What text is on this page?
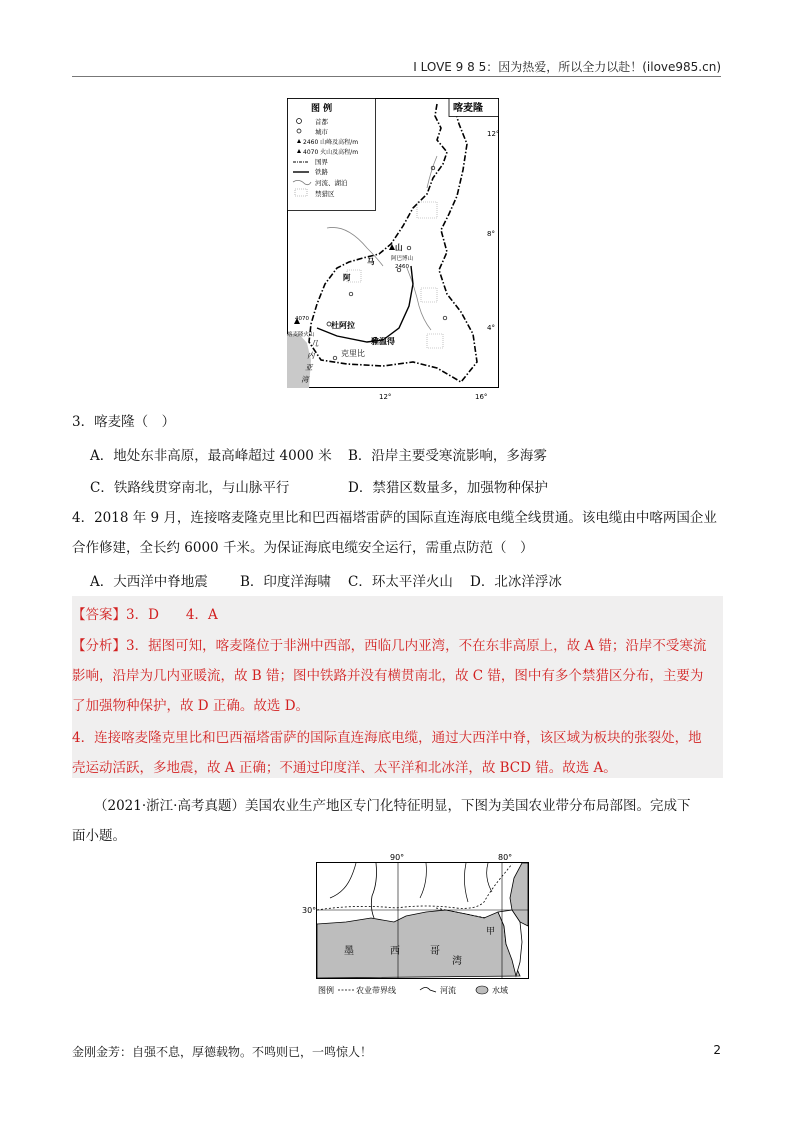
I LOVE 9 8 5：因为热爱，所以全力以赴！(ilove985.cn)
图 例
首都
城市
2460 山峰及高程/m
4070 火山及高程/m
国界
铁路
河流、湖泊
禁猎区
喀麦隆
12°
8°
4°
12°	16°
山
马	阿巴博山
2460
阿
喀麦隆火山
4070
杜阿拉
克里比
雅温得
几
内
亚
湾
3．喀麦隆（　）
A．地处东非高原，最高峰超过 4000 米 B．沿岸主要受寒流影响，多海雾
C．铁路线贯穿南北，与山脉平行	D．禁猎区数量多，加强物种保护
4．2018 年 9 月，连接喀麦隆克里比和巴西福塔雷萨的国际直连海底电缆全线贯通。该电缆由中喀两国企业
合作修建，全长约 6000 千米。为保证海底电缆安全运行，需重点防范（　）
A．大西洋中脊地震 B．印度洋海啸 C．环太平洋火山 D．北冰洋浮冰
【答案】3．D　　4．A
【分析】3．据图可知，喀麦隆位于非洲中西部，西临几内亚湾，不在东非高原上，故 A 错；沿岸不受寒流
影响，沿岸为几内亚暖流，故 B 错；图中铁路并没有横贯南北，故 C 错，图中有多个禁猎区分布，主要为
了加强物种保护，故 D 正确。故选 D。
4．连接喀麦隆克里比和巴西福塔雷萨的国际直连海底电缆，通过大西洋中脊，该区域为板块的张裂处，地
壳运动活跃，多地震，故 A 正确；不通过印度洋、太平洋和北冰洋，故 BCD 错。故选 A。
（2021·浙江·高考真题）美国农业生产地区专门化特征明显，下图为美国农业带分布局部图。完成下
面小题。
90°	80°
30°
墨	西	哥
湾
甲
图例	农业带界线	河流	水域
金刚金芳：自强不息，厚德载物。不鸣则已，一鸣惊人！	2
